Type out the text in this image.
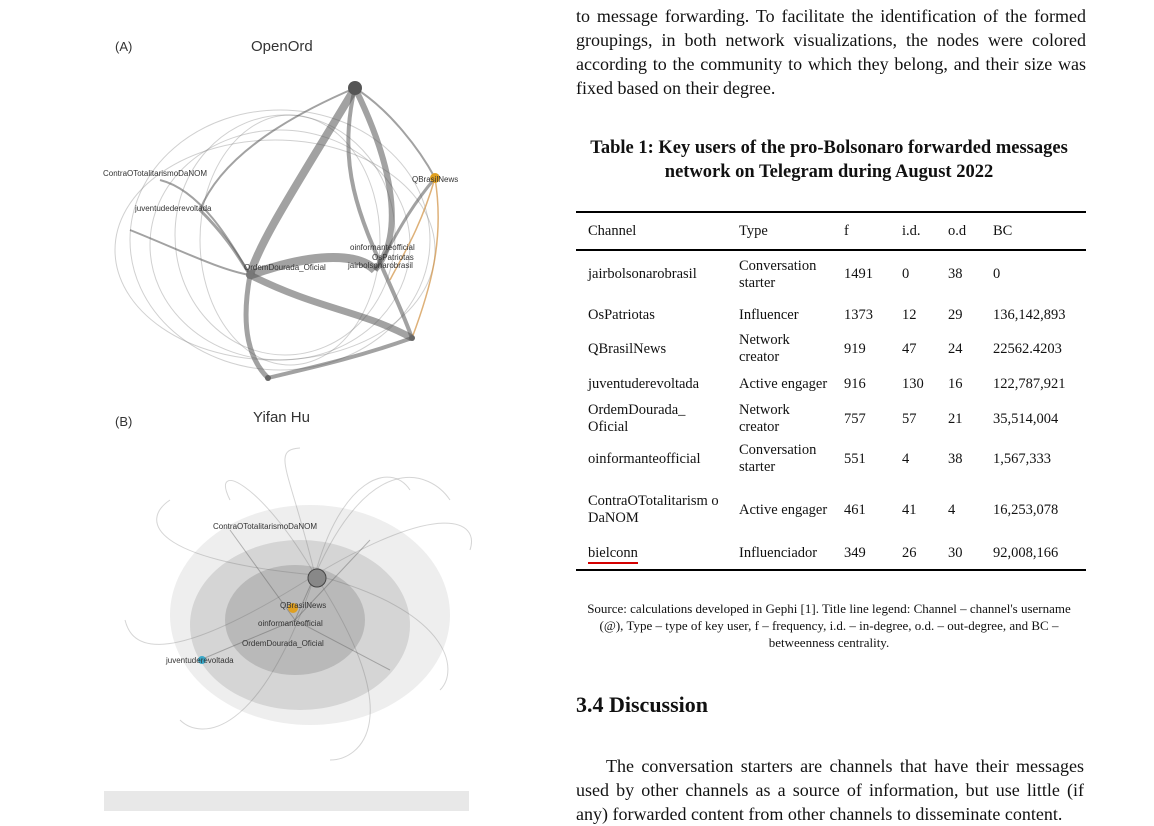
(A)	OpenOrd
ContraOTotalitarismoDaNOM
juventudederevoltada
QBrasilNews
oinformanteofficial
OsPatriotas
jairbolsonarobrasil
OrdemDourada_Oficial
(B)	Yifan Hu
ContraOTotalitarismoDaNOM
QBrasilNews
oinformanteofficial
OrdemDourada_Oficial
juventuderevoltada

to message forwarding. To facilitate the identification of the formed groupings, in both network visualizations, the nodes were colored according to the community to which they belong, and their size was fixed based on their degree.

Table 1: Key users of the pro-Bolsonaro forwarded messages
network on Telegram during August 2022
Channel	Type	f	i.d.	o.d	BC
jairbolsonarobrasil	Conversation starter	1491	0	38	0
OsPatriotas	Influencer	1373	12	29	136,142,893
QBrasilNews	Network creator	919	47	24	22562.4203
juventuderevoltada	Active engager	916	130	16	122,787,921
OrdemDourada_ Oficial	Network creator	757	57	21	35,514,004
oinformanteofficial	Conversation starter	551	4	38	1,567,333
ContraOTotalitarism o DaNOM	Active engager	461	41	4	16,253,078
bielconn	Influenciador	349	26	30	92,008,166
Source: calculations developed in Gephi [1]. Title line legend: Channel – channel's username (@), Type – type of key user, f – frequency, i.d. – in-degree, o.d. – out-degree, and BC – betweenness centrality.
3.4 Discussion
The conversation starters are channels that have their messages used by other channels as a source of information, but use little (if any) forwarded content from other channels to disseminate content.
